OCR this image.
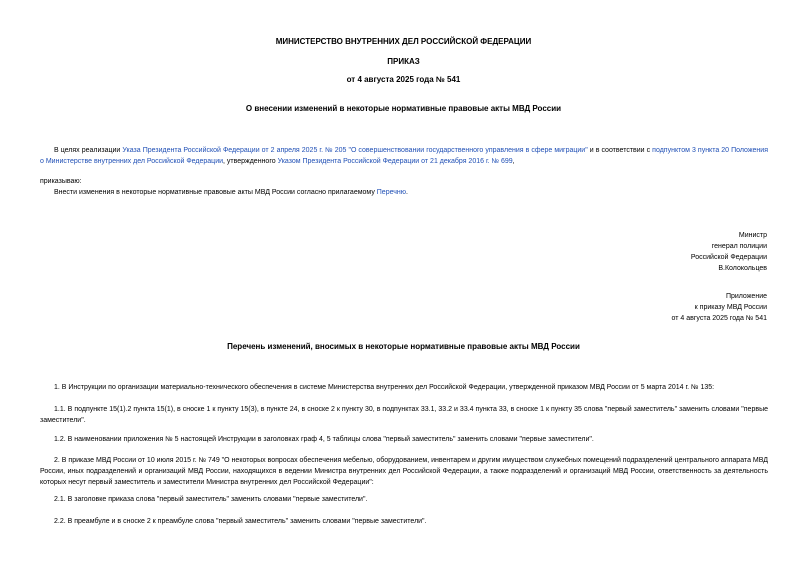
МИНИСТЕРСТВО ВНУТРЕННИХ ДЕЛ РОССИЙСКОЙ ФЕДЕРАЦИИ
ПРИКАЗ
от 4 августа 2025 года № 541
О внесении изменений в некоторые нормативные правовые акты МВД России
В целях реализации Указа Президента Российской Федерации от 2 апреля 2025 г. № 205 "О совершенствовании государственного управления в сфере миграции" и в соответствии с подпунктом 3 пункта 20 Положения о Министерстве внутренних дел Российской Федерации, утвержденного Указом Президента Российской Федерации от 21 декабря 2016 г. № 699,
приказываю:
Внести изменения в некоторые нормативные правовые акты МВД России согласно прилагаемому Перечню.
Министр
генерал полиции
Российской Федерации
В.Колокольцев
Приложение
к приказу МВД России
от 4 августа 2025 года № 541
Перечень изменений, вносимых в некоторые нормативные правовые акты МВД России
1. В Инструкции по организации материально-технического обеспечения в системе Министерства внутренних дел Российской Федерации, утвержденной приказом МВД России от 5 марта 2014 г. № 135:
1.1. В подпункте 15(1).2 пункта 15(1), в сноске 1 к пункту 15(3), в пункте 24, в сноске 2 к пункту 30, в подпунктах 33.1, 33.2 и 33.4 пункта 33, в сноске 1 к пункту 35 слова "первый заместитель" заменить словами "первые заместители".
1.2. В наименовании приложения № 5 настоящей Инструкции в заголовках граф 4, 5 таблицы слова "первый заместитель" заменить словами "первые заместители".
2. В приказе МВД России от 10 июля 2015 г. № 749 "О некоторых вопросах обеспечения мебелью, оборудованием, инвентарем и другим имуществом служебных помещений подразделений центрального аппарата МВД России, иных подразделений и организаций МВД России, находящихся в ведении Министра внутренних дел Российской Федерации, а также подразделений и организаций МВД России, ответственность за деятельность которых несут первый заместитель и заместители Министра внутренних дел Российской Федерации":
2.1. В заголовке приказа слова "первый заместитель" заменить словами "первые заместители".
2.2. В преамбуле и в сноске 2 к преамбуле слова "первый заместитель" заменить словами "первые заместители".
